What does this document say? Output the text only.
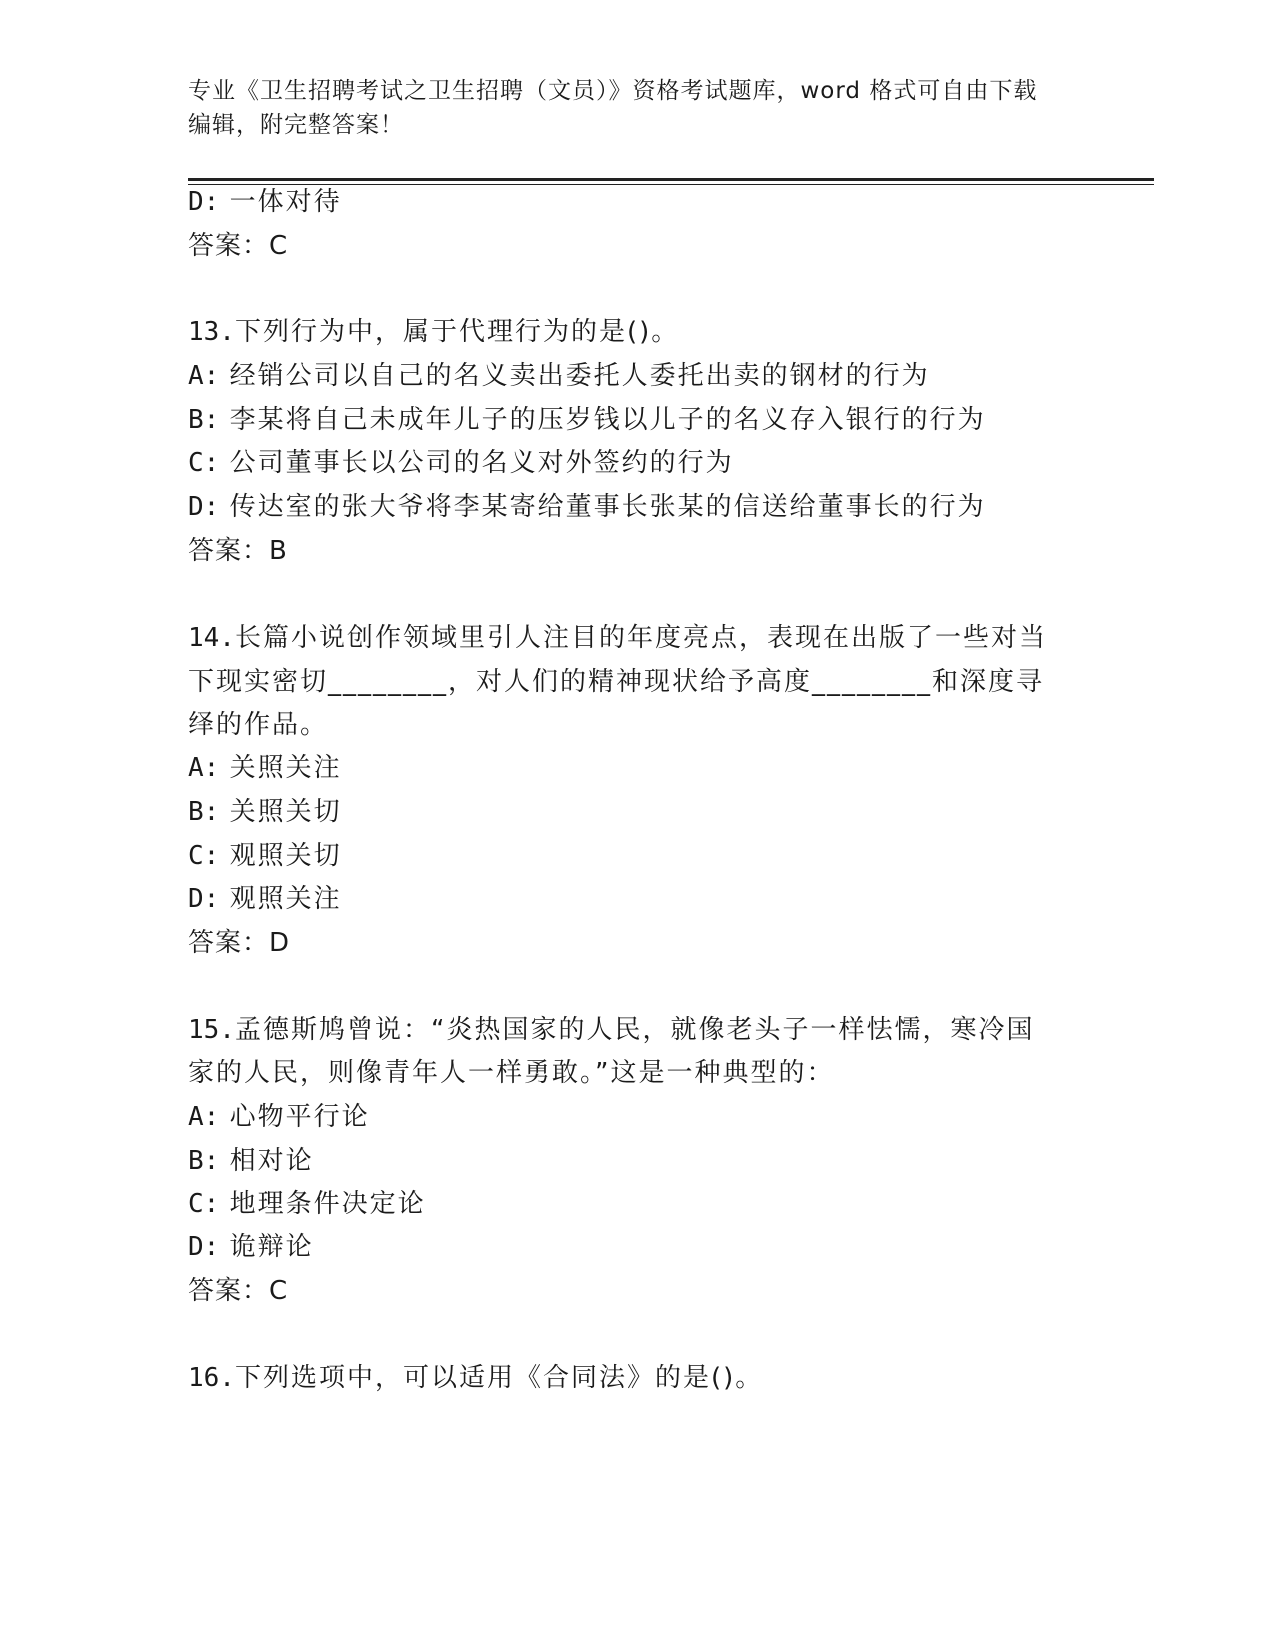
专业《卫生招聘考试之卫生招聘（文员）》资格考试题库，word 格式可自由下载
编辑，附完整答案！
D: 一体对待
答案：C
13.下列行为中，属于代理行为的是()。
A: 经销公司以自己的名义卖出委托人委托出卖的钢材的行为
B: 李某将自己未成年儿子的压岁钱以儿子的名义存入银行的行为
C: 公司董事长以公司的名义对外签约的行为
D: 传达室的张大爷将李某寄给董事长张某的信送给董事长的行为
答案：B
14.长篇小说创作领域里引人注目的年度亮点，表现在出版了一些对当
下现实密切________，对人们的精神现状给予高度________和深度寻
绎的作品。
A: 关照关注
B: 关照关切
C: 观照关切
D: 观照关注
答案：D
15.孟德斯鸠曾说：“炎热国家的人民，就像老头子一样怯懦，寒冷国
家的人民，则像青年人一样勇敢。”这是一种典型的：
A: 心物平行论
B: 相对论
C: 地理条件决定论
D: 诡辩论
答案：C
16.下列选项中，可以适用《合同法》的是()。
